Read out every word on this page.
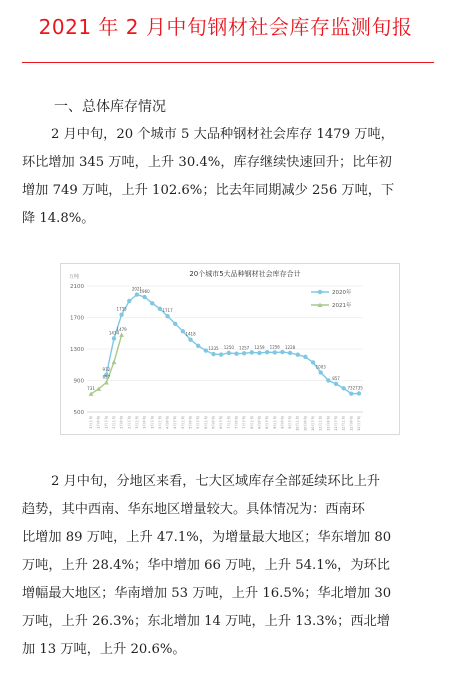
2021 年 2 月中旬钢材社会库存监测旬报
一、总体库存情况
2 月中旬，20 个城市 5 大品种钢材社会库存 1479 万吨，
环比增加 345 万吨，上升 30.4%，库存继续快速回升；比年初
增加 749 万吨，上升 102.6%；比去年同期减少 256 万吨，下
降 14.8%。
20个城市5大品种钢材社会库存合计
万吨
500
900
1300
1700
2100
1月上旬 1月中旬 1月下旬 2月上旬 2月中旬 2月下旬 3月上旬 3月中旬 3月下旬 4月上旬 4月中旬 4月下旬 5月上旬 5月中旬 5月下旬 6月上旬 6月中旬 6月下旬 7月上旬 7月中旬 7月下旬 8月上旬 8月中旬 8月下旬 9月上旬 9月中旬 9月下旬 10月上旬 10月中旬 10月下旬 11月上旬 11月中旬 11月下旬 12月上旬 12月中旬 12月下旬
972
1434
1735
2021
1960
1717
1418
1235 1250 1257 1259 1256 1228
1003
857
732 735
731
857
1479
2020年
2021年
2 月中旬，分地区来看，七大区域库存全部延续环比上升
趋势，其中西南、华东地区增量较大。具体情况为：西南环
比增加 89 万吨，上升 47.1%，为增量最大地区；华东增加 80
万吨，上升 28.4%；华中增加 66 万吨，上升 54.1%，为环比
增幅最大地区；华南增加 53 万吨，上升 16.5%；华北增加 30
万吨，上升 26.3%；东北增加 14 万吨，上升 13.3%；西北增
加 13 万吨，上升 20.6%。
